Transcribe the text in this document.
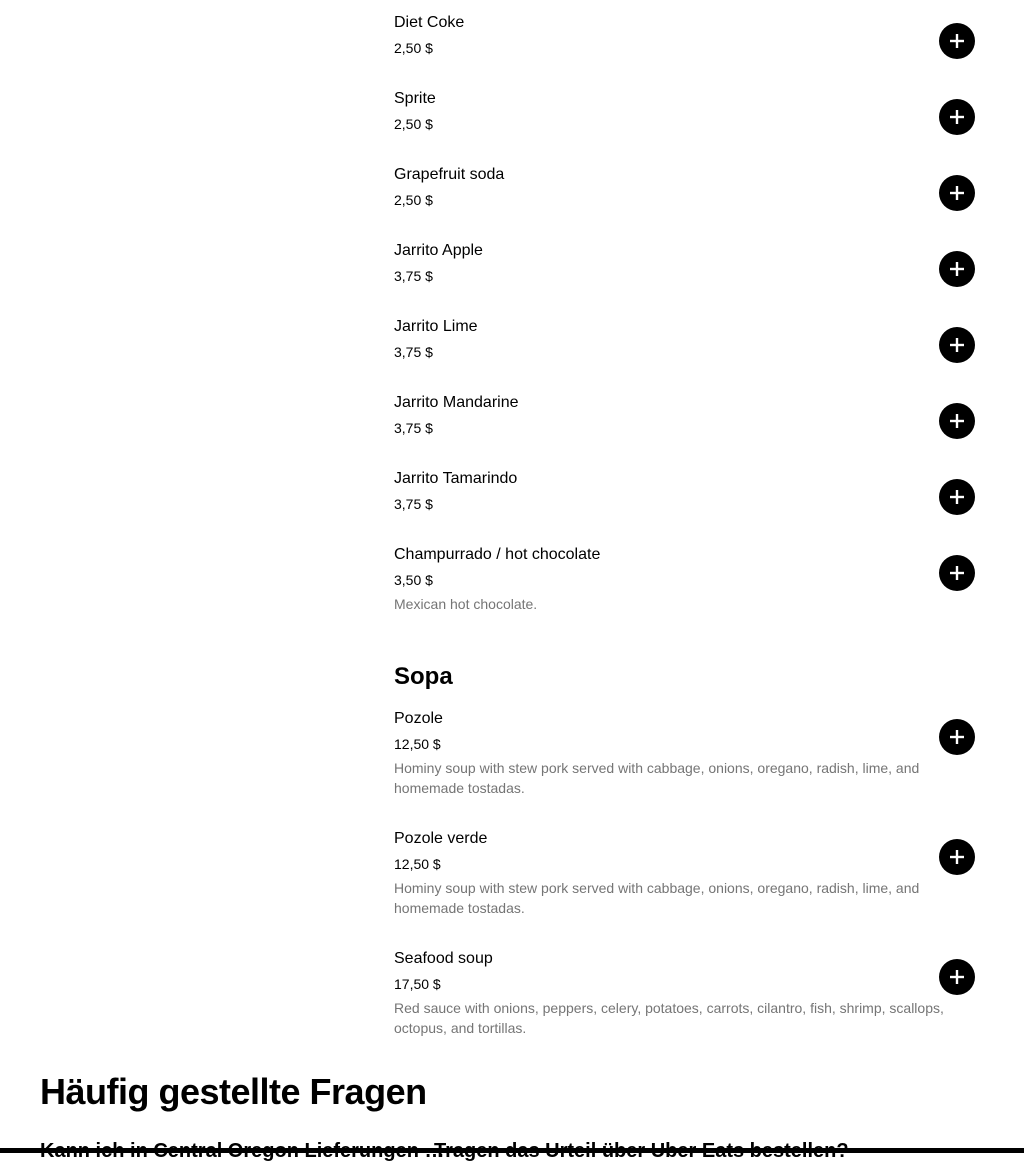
Diet Coke
2,50 $
Sprite
2,50 $
Grapefruit soda
2,50 $
Jarrito Apple
3,75 $
Jarrito Lime
3,75 $
Jarrito Mandarine
3,75 $
Jarrito Tamarindo
3,75 $
Champurrado / hot chocolate
3,50 $
Mexican hot chocolate.
Sopa
Pozole
12,50 $
Hominy soup with stew pork served with cabbage, onions, oregano, radish, lime, and homemade tostadas.
Pozole verde
12,50 $
Hominy soup with stew pork served with cabbage, onions, oregano, radish, lime, and homemade tostadas.
Seafood soup
17,50 $
Red sauce with onions, peppers, celery, potatoes, carrots, cilantro, fish, shrimp, scallops, octopus, and tortillas.
Häufig gestellte Fragen
